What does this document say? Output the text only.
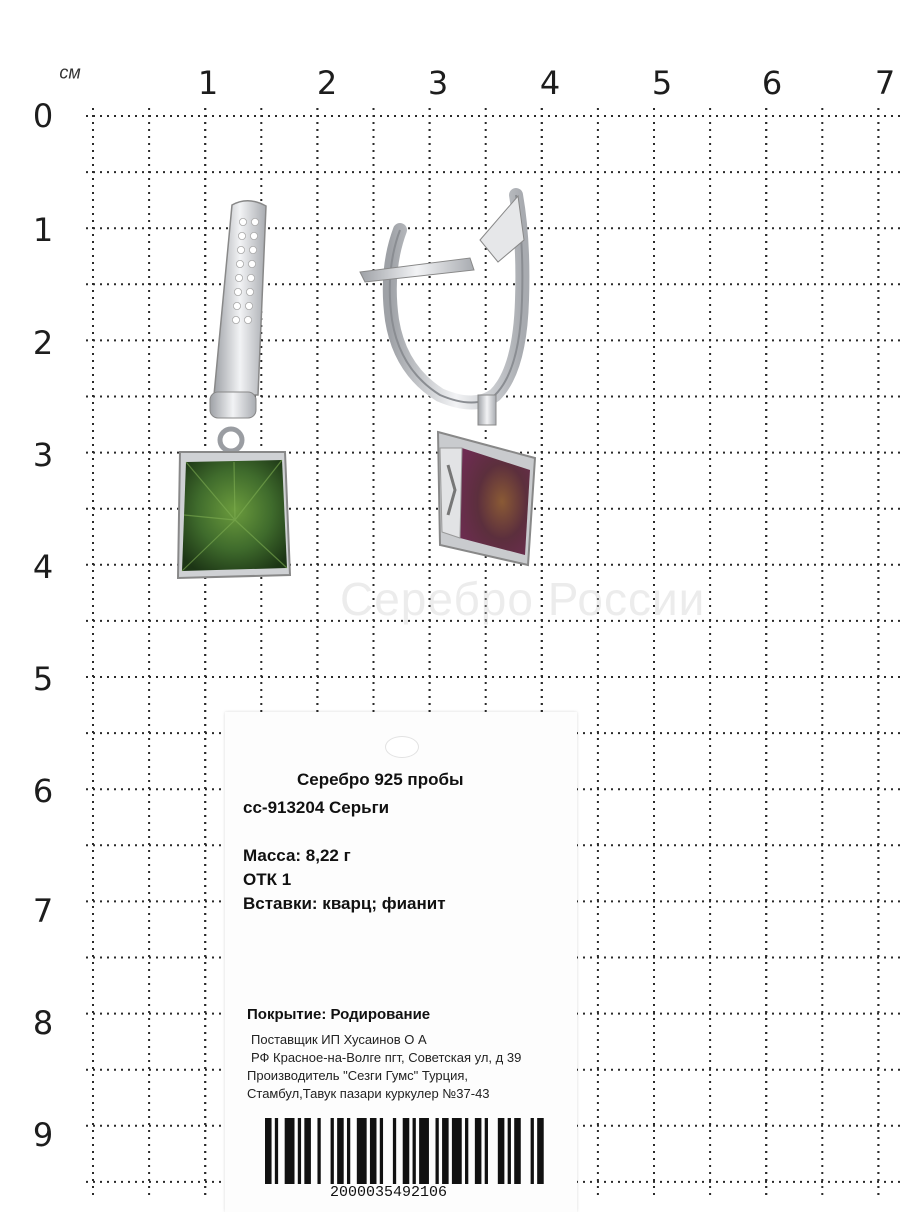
см	1	2	3	4	5	6	7
0
1
2
3
4
5
6
7
8
9
Серебро России
Серебро 925 пробы
сс-913204 Серьги
Масса: 8,22 г
ОТК 1
Вставки: кварц; фианит
Покрытие: Родирование
Поставщик ИП Хусаинов О А
РФ Красное-на-Волге пгт, Советская ул, д 39
Производитель "Сезги Гумс" Турция,
Стамбул,Тавук пазари куркулер №37-43
2000035492106
